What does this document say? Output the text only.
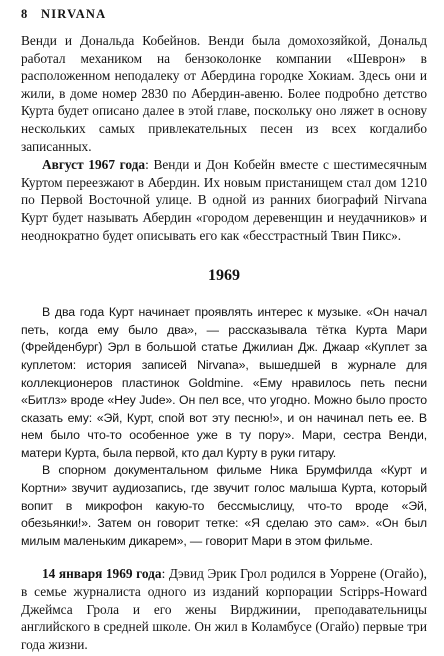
8 NIRVANA

Венди и Дональда Кобейнов. Венди была домохозяйкой, Дональд работал механиком на бензоколонке компании «Шеврон» в расположенном неподалеку от Абердина городке Хокиам. Здесь они и жили, в доме номер 2830 по Абердин-авеню. Более подробно детство Курта будет описано далее в этой главе, поскольку оно ляжет в основу нескольких самых привлекательных песен из всех когдалибо записанных.

Август 1967 года: Венди и Дон Кобейн вместе с шестимесячным Куртом переезжают в Абердин. Их новым пристанищем стал дом 1210 по Первой Восточной улице. В одной из ранних биографий Nirvana Курт будет называть Абердин «городом деревенщин и неудачников» и неоднократно будет описывать его как «бесстрастный Твин Пикс».

1969

В два года Курт начинает проявлять интерес к музыке. «Он начал петь, когда ему было два», — рассказывала тётка Курта Мари (Фрейденбург) Эрл в большой статье Джилиан Дж. Джаар «Куплет за куплетом: история записей Nirvana», вышедшей в журнале для коллекционеров пластинок Goldmine. «Ему нравилось петь песни «Битлз» вроде «Hey Jude». Он пел все, что угодно. Можно было просто сказать ему: «Эй, Курт, спой вот эту песню!», и он начинал петь ее. В нем было что-то особенное уже в ту пору». Мари, сестра Венди, матери Курта, была первой, кто дал Курту в руки гитару.

В спорном документальном фильме Ника Брумфилда «Курт и Кортни» звучит аудиозапись, где звучит голос малыша Курта, который вопит в микрофон какую-то бессмыслицу, что-то вроде «Эй, обезьянки!». Затем он говорит тетке: «Я сделаю это сам». «Он был милым маленьким дикарем», — говорит Мари в этом фильме.

14 января 1969 года: Дэвид Эрик Грол родился в Уоррене (Огайо), в семье журналиста одного из изданий корпорации Scripps-Howard Джеймса Грола и его жены Вирджинии, преподавательницы английского в средней школе. Он жил в Коламбусе (Огайо) первые три года жизни.
